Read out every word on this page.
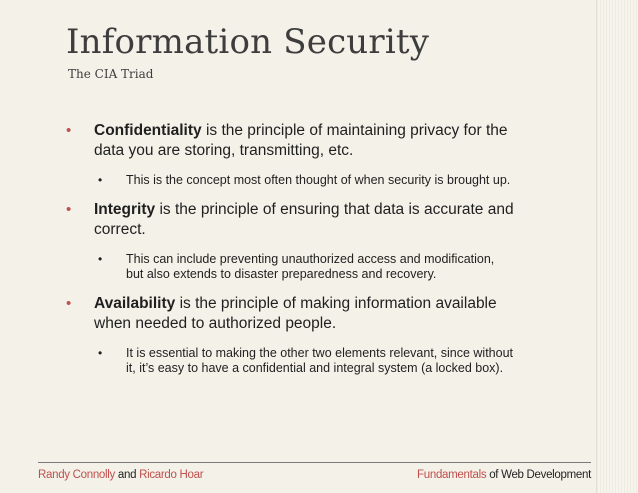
Information Security
The CIA Triad
• Confidentiality is the principle of maintaining privacy for the data you are storing, transmitting, etc.
• This is the concept most often thought of when security is brought up.
• Integrity is the principle of ensuring that data is accurate and correct.
• This can include preventing unauthorized access and modification, but also extends to disaster preparedness and recovery.
• Availability is the principle of making information available when needed to authorized people.
• It is essential to making the other two elements relevant, since without it, it’s easy to have a confidential and integral system (a locked box).
Randy Connolly and Ricardo Hoar	Fundamentals of Web Development
